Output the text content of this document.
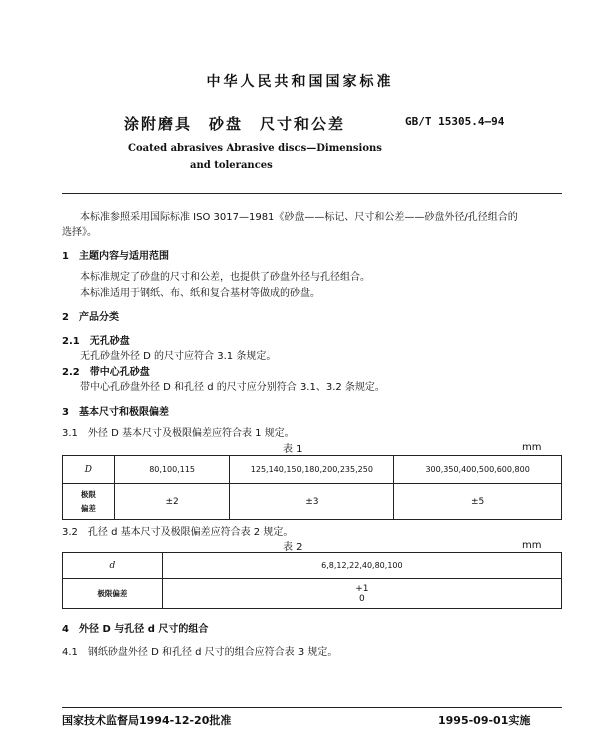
中华人民共和国国家标准
涂附磨具　砂盘　尺寸和公差	GB/T 15305.4—94
Coated abrasives Abrasive discs—Dimensions
and tolerances
本标准参照采用国际标准 ISO 3017—1981《砂盘——标记、尺寸和公差——砂盘外径/孔径组合的
选择》。
1　主题内容与适用范围
本标准规定了砂盘的尺寸和公差，也提供了砂盘外径与孔径组合。
本标准适用于钢纸、布、纸和复合基材等做成的砂盘。
2　产品分类
2.1　无孔砂盘
无孔砂盘外径 D 的尺寸应符合 3.1 条规定。
2.2　带中心孔砂盘
带中心孔砂盘外径 D 和孔径 d 的尺寸应分别符合 3.1、3.2 条规定。
3　基本尺寸和极限偏差
3.1　外径 D 基本尺寸及极限偏差应符合表 1 规定。
表 1	mm
D	80,100,115	125,140,150,180,200,235,250	300,350,400,500,600,800

极限
偏差	±2	±3	±5
3.2　孔径 d 基本尺寸及极限偏差应符合表 2 规定。
表 2	mm
d	6,8,12,22,40,80,100
极限偏差	+1
0
4　外径 D 与孔径 d 尺寸的组合
4.1　钢纸砂盘外径 D 和孔径 d 尺寸的组合应符合表 3 规定。
国家技术监督局1994-12-20批准	1995-09-01实施
